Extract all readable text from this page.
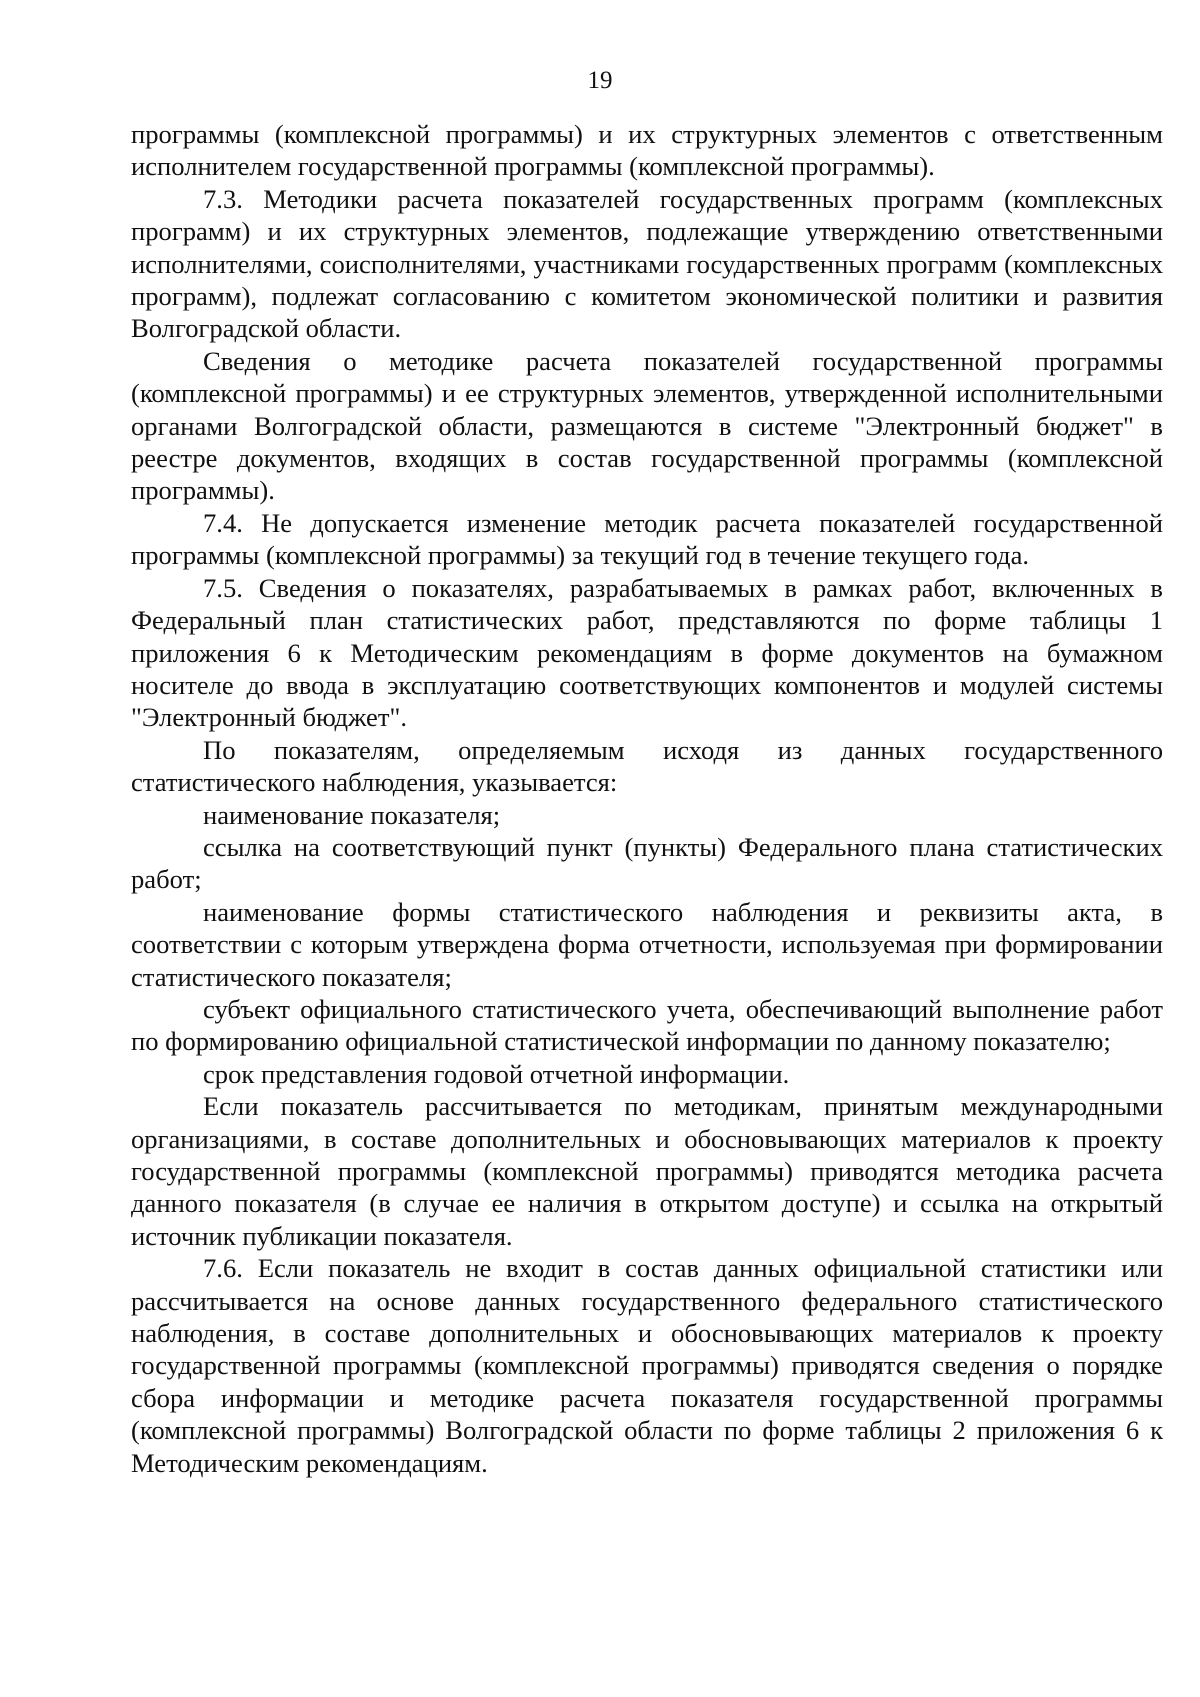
19

программы (комплексной программы) и их структурных элементов с ответственным исполнителем государственной программы (комплексной программы).

7.3. Методики расчета показателей государственных программ (комплексных программ) и их структурных элементов, подлежащие утверждению ответственными исполнителями, соисполнителями, участниками государственных программ (комплексных программ), подлежат согласованию с комитетом экономической политики и развития Волгоградской области.

Сведения о методике расчета показателей государственной программы (комплексной программы) и ее структурных элементов, утвержденной исполнительными органами Волгоградской области, размещаются в системе "Электронный бюджет" в реестре документов, входящих в состав государственной программы (комплексной программы).

7.4. Не допускается изменение методик расчета показателей государственной программы (комплексной программы) за текущий год в течение текущего года.

7.5. Сведения о показателях, разрабатываемых в рамках работ, включенных в Федеральный план статистических работ, представляются по форме таблицы 1 приложения 6 к Методическим рекомендациям в форме документов на бумажном носителе до ввода в эксплуатацию соответствующих компонентов и модулей системы "Электронный бюджет".

По показателям, определяемым исходя из данных государственного статистического наблюдения, указывается:

наименование показателя;

ссылка на соответствующий пункт (пункты) Федерального плана статистических работ;

наименование формы статистического наблюдения и реквизиты акта, в соответствии с которым утверждена форма отчетности, используемая при формировании статистического показателя;

субъект официального статистического учета, обеспечивающий выполнение работ по формированию официальной статистической информации по данному показателю;

срок представления годовой отчетной информации.

Если показатель рассчитывается по методикам, принятым международными организациями, в составе дополнительных и обосновывающих материалов к проекту государственной программы (комплексной программы) приводятся методика расчета данного показателя (в случае ее наличия в открытом доступе) и ссылка на открытый источник публикации показателя.

7.6. Если показатель не входит в состав данных официальной статистики или рассчитывается на основе данных государственного федерального статистического наблюдения, в составе дополнительных и обосновывающих материалов к проекту государственной программы (комплексной программы) приводятся сведения о порядке сбора информации и методике расчета показателя государственной программы (комплексной программы) Волгоградской области по форме таблицы 2 приложения 6 к Методическим рекомендациям.
